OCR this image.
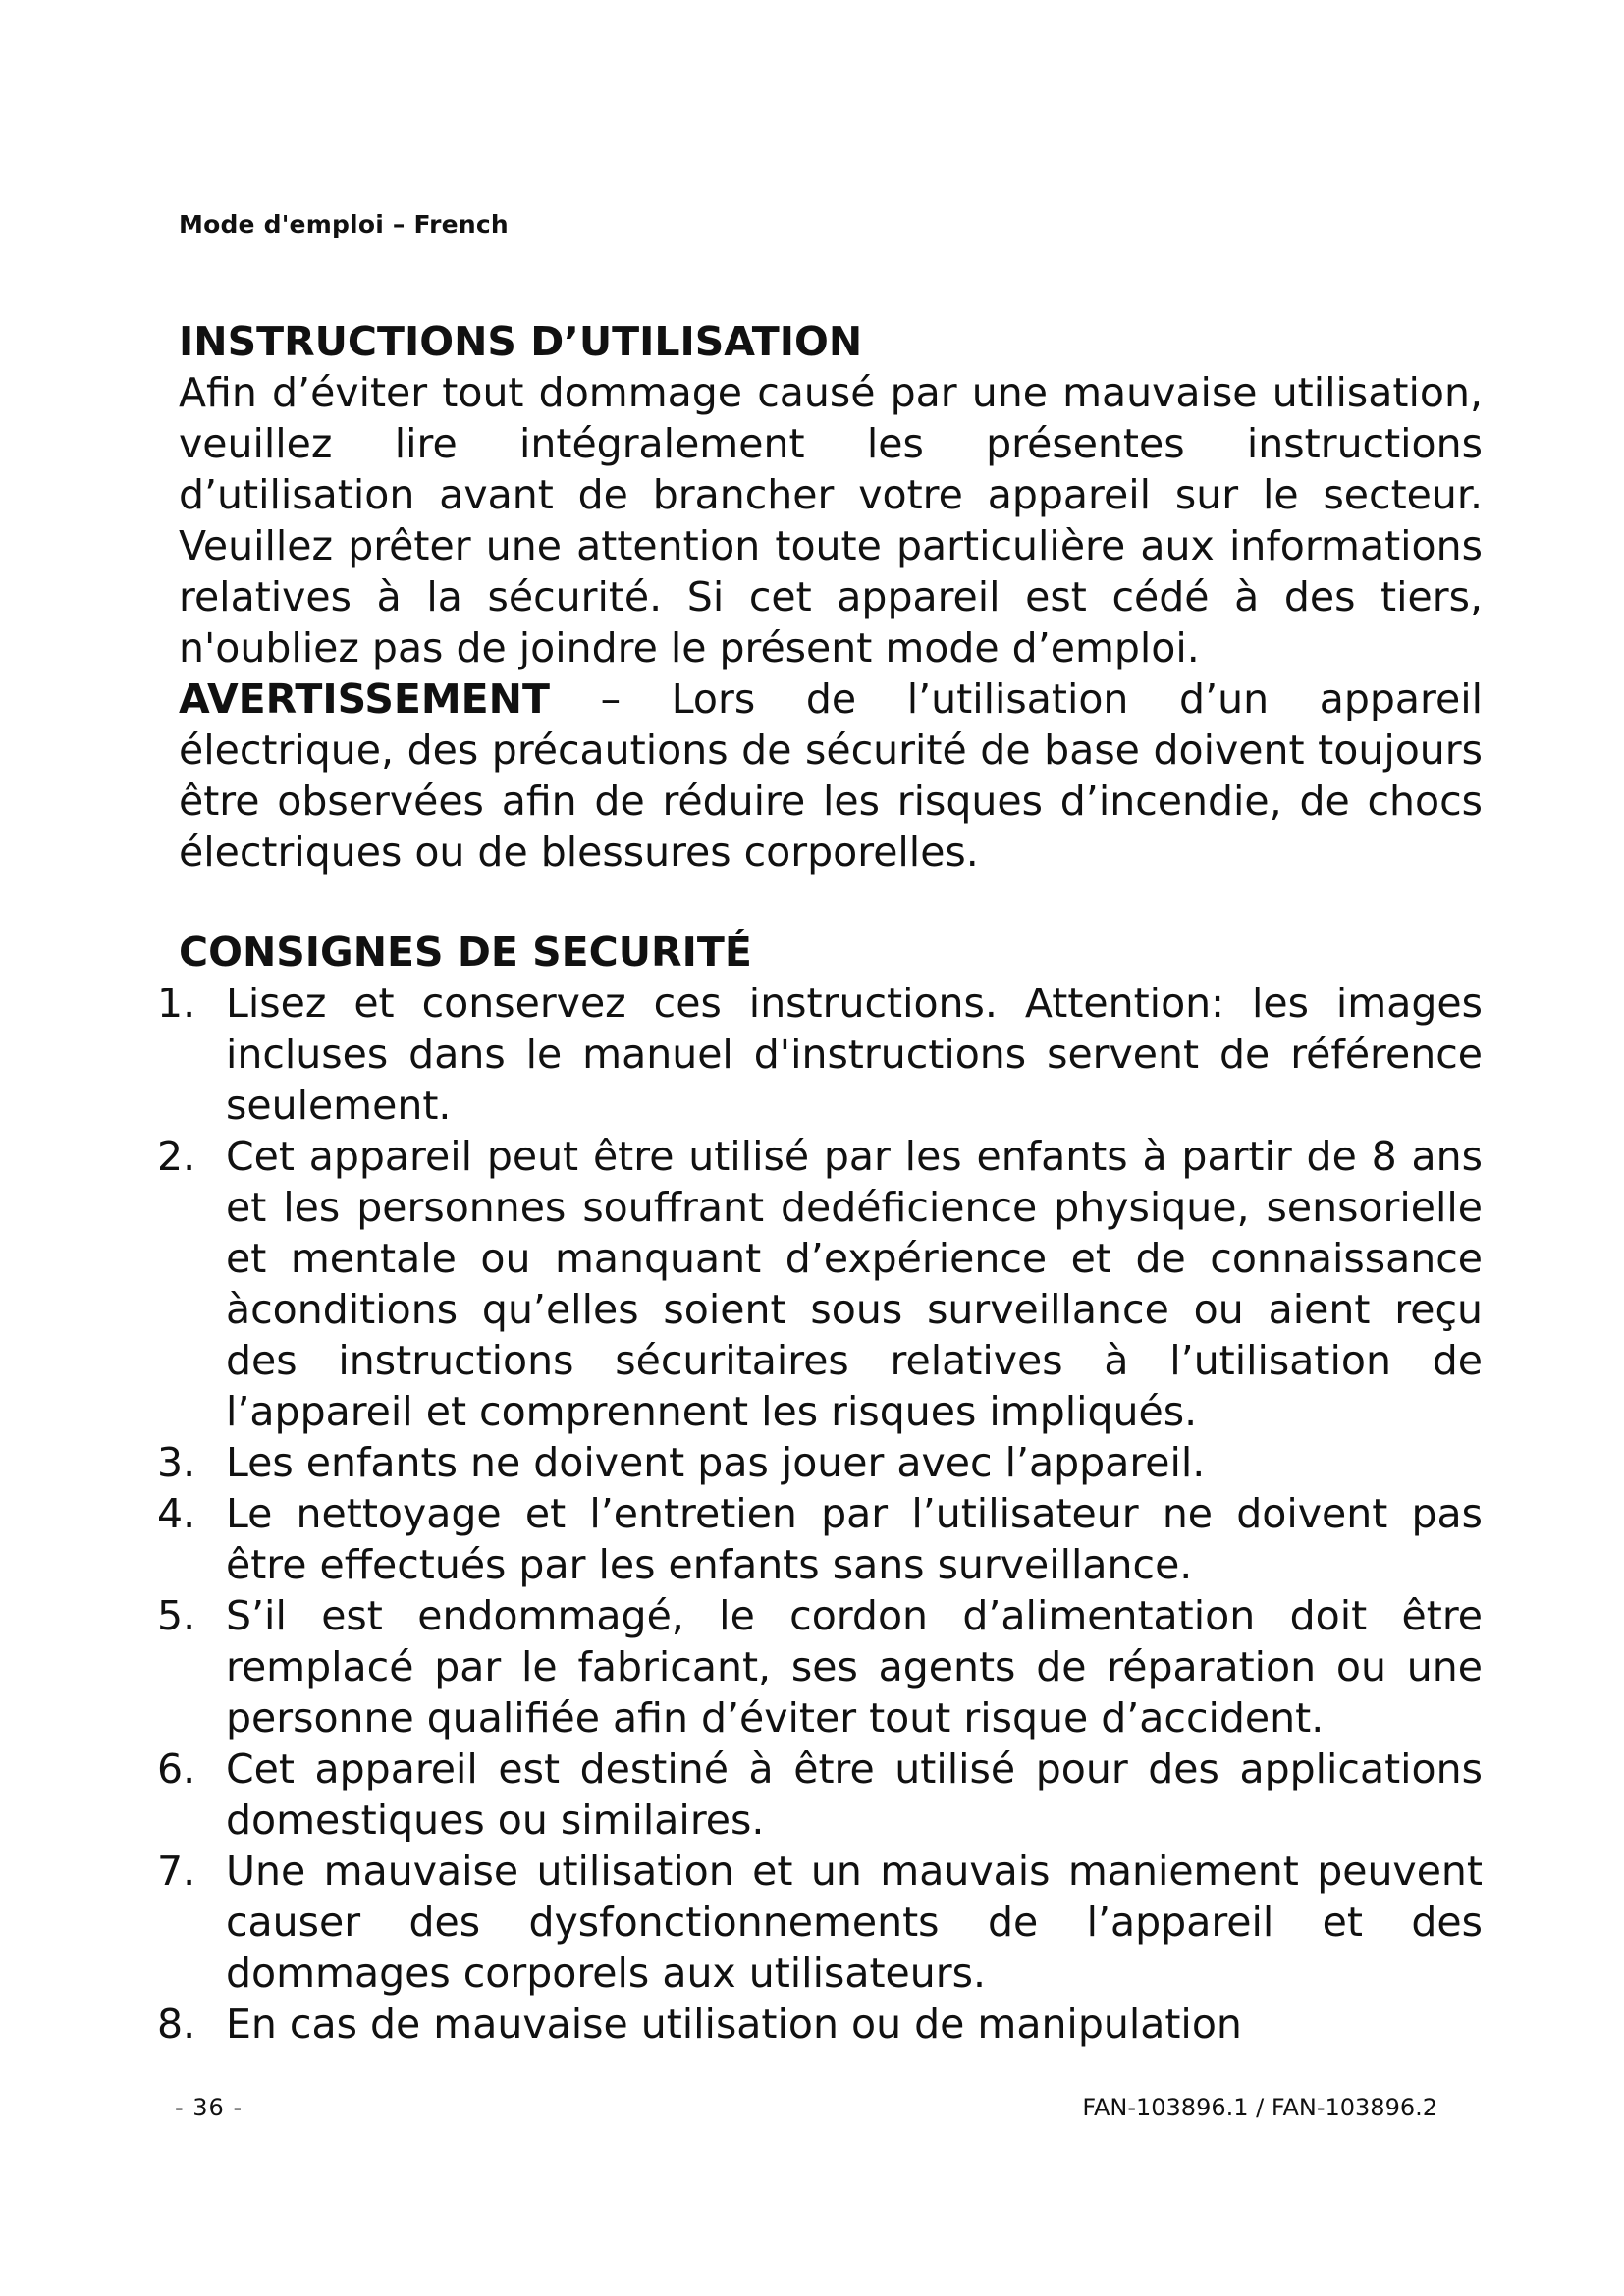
Mode d'emploi – French
INSTRUCTIONS D’UTILISATION

Afin d’éviter tout dommage causé par une mauvaise utilisation, veuillez lire intégralement les présentes instructions d’utilisation avant de brancher votre appareil sur le secteur. Veuillez prêter une attention toute particulière aux informations relatives à la sécurité. Si cet appareil est cédé à des tiers, n'oubliez pas de joindre le présent mode d’emploi.

AVERTISSEMENT – Lors de l’utilisation d’un appareil électrique, des précautions de sécurité de base doivent toujours être observées afin de réduire les risques d’incendie, de chocs électriques ou de blessures corporelles.

CONSIGNES DE SECURITÉ
1. Lisez et conservez ces instructions. Attention: les images incluses dans le manuel d'instructions servent de référence seulement.
2. Cet appareil peut être utilisé par les enfants à partir de 8 ans et les personnes souffrant dedéficience physique, sensorielle et mentale ou manquant d’expérience et de connaissance àconditions qu’elles soient sous surveillance ou aient reçu des instructions sécuritaires relatives à l’utilisation de l’appareil et comprennent les risques impliqués.
3. Les enfants ne doivent pas jouer avec l’appareil.
4. Le nettoyage et l’entretien par l’utilisateur ne doivent pas être effectués par les enfants sans surveillance.
5. S’il est endommagé, le cordon d’alimentation doit être remplacé par le fabricant, ses agents de réparation ou une personne qualifiée afin d’éviter tout risque d’accident.
6. Cet appareil est destiné à être utilisé pour des applications domestiques ou similaires.
7. Une mauvaise utilisation et un mauvais maniement peuvent causer des dysfonctionnements de l’appareil et des dommages corporels aux utilisateurs.
8. En cas de mauvaise utilisation ou de manipulation
- 36 -	FAN-103896.1 / FAN-103896.2
